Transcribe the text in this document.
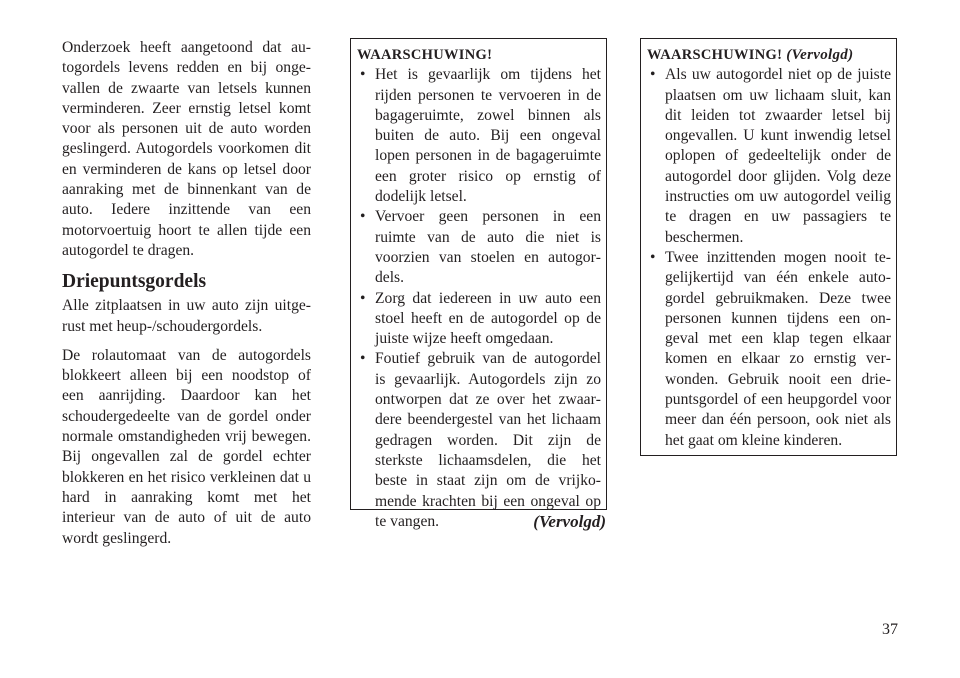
Onderzoek heeft aangetoond dat autogordels levens redden en bij ongevallen de zwaarte van letsels kunnen verminderen. Zeer ernstig letsel komt voor als personen uit de auto worden geslingerd. Autogordels voorkomen dit en verminderen de kans op letsel door aanraking met de binnenkant van de auto. Iedere inzittende van een motorvoertuig hoort te allen tijde een autogordel te dragen.

Driepuntsgordels

Alle zitplaatsen in uw auto zijn uitgerust met heup-/schoudergordels.

De rolautomaat van de autogordels blokkeert alleen bij een noodstop of een aanrijding. Daardoor kan het schoudergedeelte van de gordel onder normale omstandigheden vrij bewegen. Bij ongevallen zal de gordel echter blokkeren en het risico verkleinen dat u hard in aanraking komt met het interieur van de auto of uit de auto wordt geslingerd.

WAARSCHUWING!
• Het is gevaarlijk om tijdens het rijden personen te vervoeren in de bagageruimte, zowel binnen als buiten de auto. Bij een ongeval lopen personen in de bagageruimte een groter risico op ernstig of dodelijk letsel.
• Vervoer geen personen in een ruimte van de auto die niet is voorzien van stoelen en autogordels.
• Zorg dat iedereen in uw auto een stoel heeft en de autogordel op de juiste wijze heeft omgedaan.
• Foutief gebruik van de autogordel is gevaarlijk. Autogordels zijn zo ontworpen dat ze over het zwaardere beendergestel van het lichaam gedragen worden. Dit zijn de sterkste lichaamsdelen, die het beste in staat zijn om de vrijkomende krachten bij een ongeval op te vangen.	(Vervolgd)
WAARSCHUWING! (Vervolgd)
• Als uw autogordel niet op de juiste plaatsen om uw lichaam sluit, kan dit leiden tot zwaarder letsel bij ongevallen. U kunt inwendig letsel oplopen of gedeeltelijk onder de autogordel door glijden. Volg deze instructies om uw autogordel veilig te dragen en uw passagiers te beschermen.
• Twee inzittenden mogen nooit tegelijkertijd van één enkele autogordel gebruikmaken. Deze twee personen kunnen tijdens een ongeval met een klap tegen elkaar komen en elkaar zo ernstig verwonden. Gebruik nooit een driepuntsgordel of een heupgordel voor meer dan één persoon, ook niet als het gaat om kleine kinderen.
37
